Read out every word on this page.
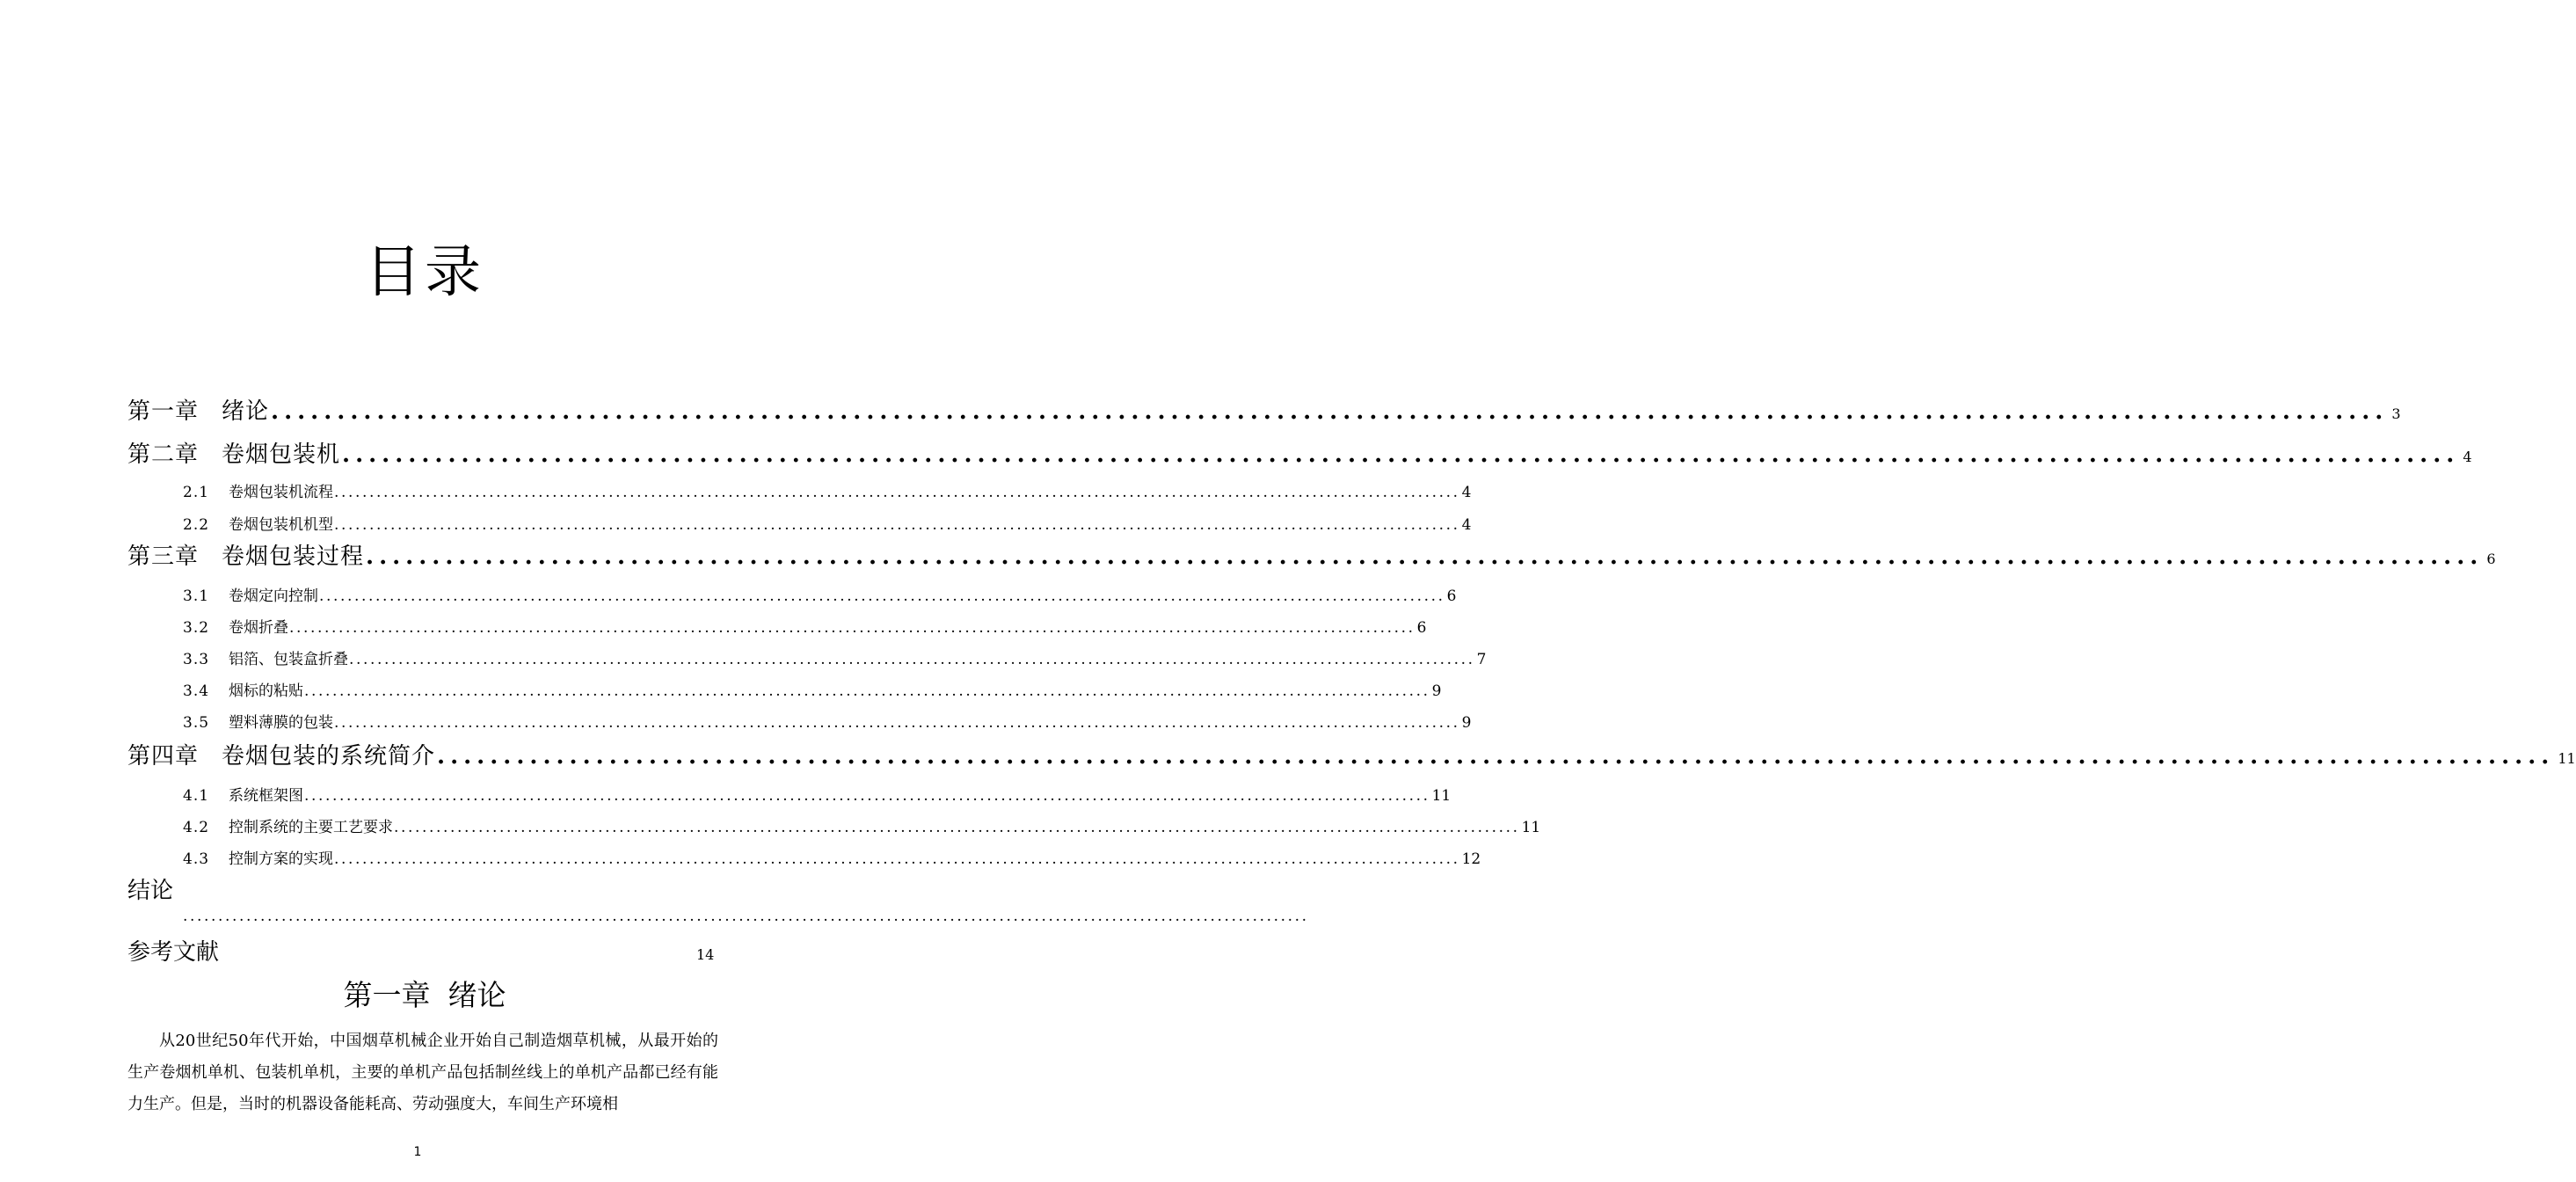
目录
第一章 绪论 ................................................................................................................................................................ 3
第二章 卷烟包装机 ................................................................................................................................................................ 4
2.1 卷烟包装机流程 ................................................................................................................................................................ 4
2.2 卷烟包装机机型 ................................................................................................................................................................ 4
第三章 卷烟包装过程 ................................................................................................................................................................ 6
3.1 卷烟定向控制 ................................................................................................................................................................ 6
3.2 卷烟折叠 ................................................................................................................................................................ 6
3.3 铝箔、包装盒折叠 ................................................................................................................................................................ 7
3.4 烟标的粘贴 ................................................................................................................................................................ 9
3.5 塑料薄膜的包装 ................................................................................................................................................................ 9
第四章 卷烟包装的系统简介 ................................................................................................................................................................ 11
4.1 系统框架图 ................................................................................................................................................................ 11
4.2 控制系统的主要工艺要求 ................................................................................................................................................................ 11
4.3 控制方案的实现 ................................................................................................................................................................ 12
结论
................................................................................................................................................................
参考文献	14
第一章 绪论

从20世纪50年代开始，中国烟草机械企业开始自己制造烟草机械，从最开始的生产卷烟机单机、包装机单机，主要的单机产品包括制丝线上的单机产品都已经有能力生产。但是，当时的机器设备能耗高、劳动强度大，车间生产环境相

1
